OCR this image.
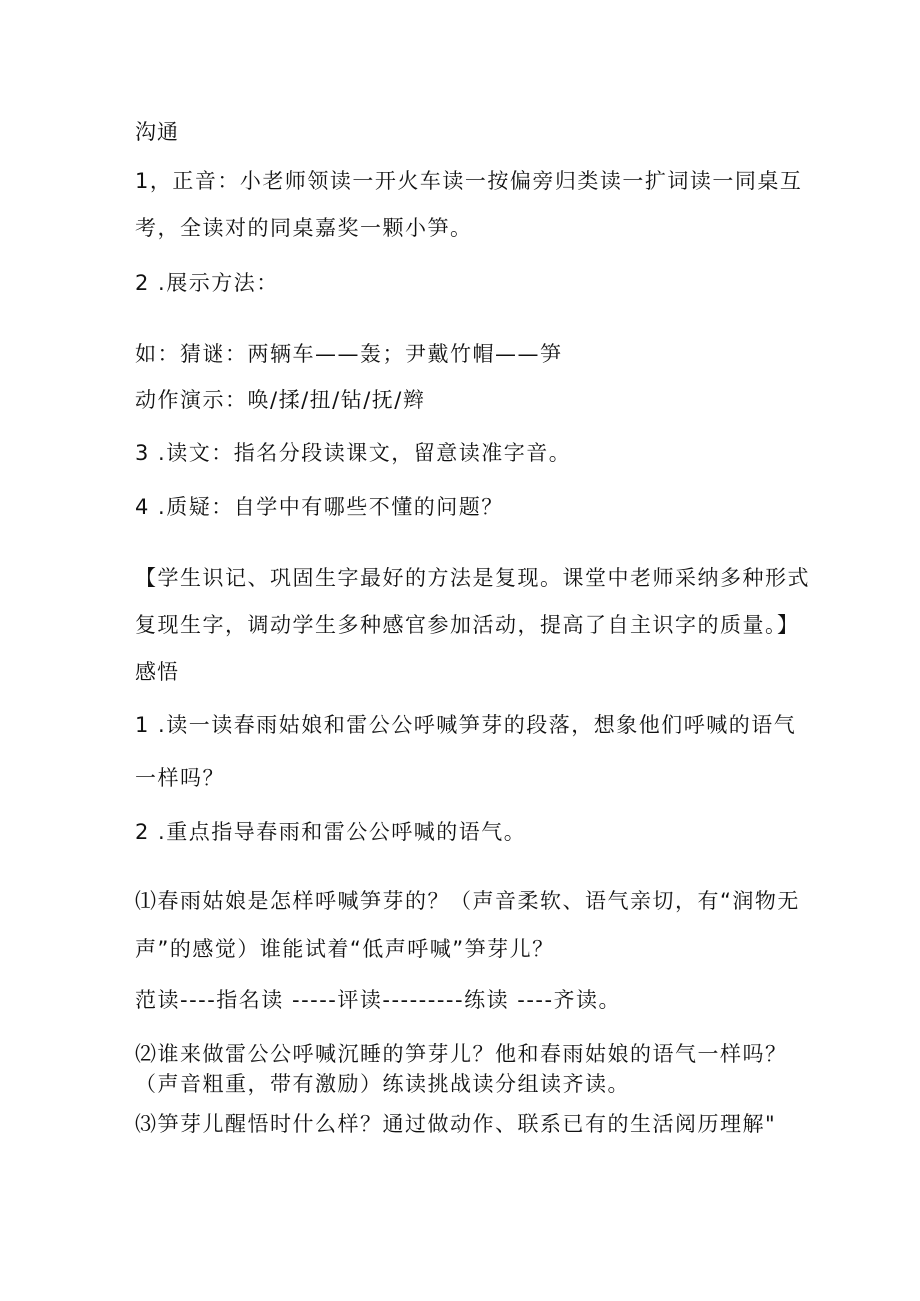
沟通
1，正音：小老师领读一开火车读一按偏旁归类读一扩词读一同桌互
考，全读对的同桌嘉奖一颗小笋。
2 .展示方法：
如：猜谜：两辆车——轰；尹戴竹帽——笋
动作演示：唤/揉/扭/钻/抚/辫
3 .读文：指名分段读课文，留意读准字音。
4 .质疑：自学中有哪些不懂的问题？
【学生识记、巩固生字最好的方法是复现。课堂中老师采纳多种形式
复现生字，调动学生多种感官参加活动，提高了自主识字的质量。】
感悟
1 .读一读春雨姑娘和雷公公呼喊笋芽的段落，想象他们呼喊的语气
一样吗？
2 .重点指导春雨和雷公公呼喊的语气。
⑴春雨姑娘是怎样呼喊笋芽的？（声音柔软、语气亲切，有“润物无
声”的感觉）谁能试着“低声呼喊”笋芽儿？
范读----指名读 -----评读---------练读 ----齐读。
⑵谁来做雷公公呼喊沉睡的笋芽儿？他和春雨姑娘的语气一样吗？
（声音粗重，带有激励）练读挑战读分组读齐读。
⑶笋芽儿醒悟时什么样？通过做动作、联系已有的生活阅历理解"
